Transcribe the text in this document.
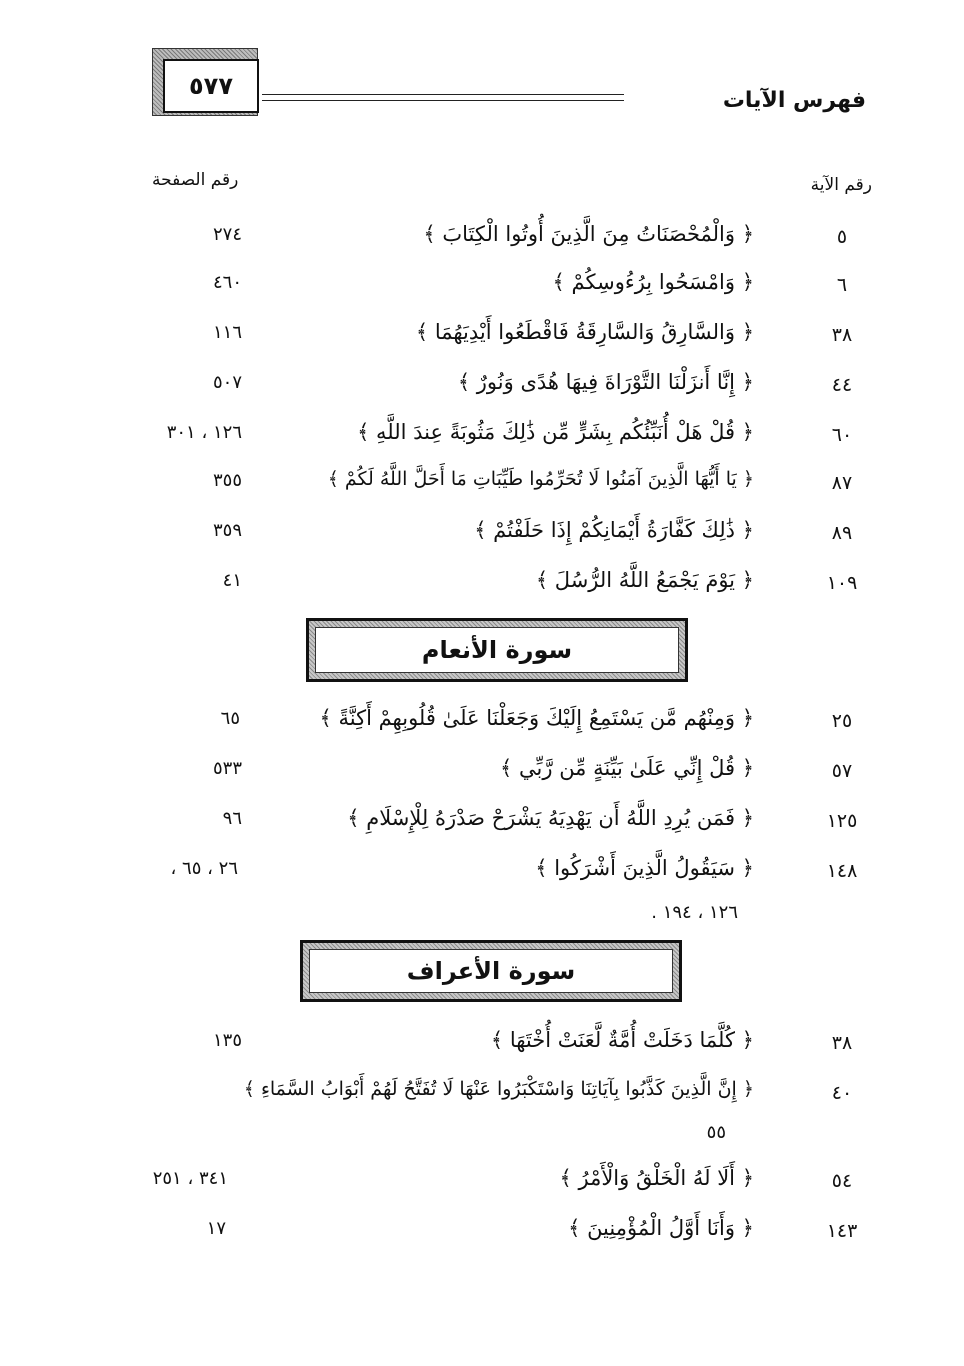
٥٧٧
فهرس الآيات
رقم الآية
رقم الصفحة
٥
﴿ وَالْمُحْصَنَاتُ مِنَ الَّذِينَ أُوتُوا الْكِتَابَ ﴾
٢٧٤
٦
﴿ وَامْسَحُوا بِرُءُوسِكُمْ ﴾
٤٦٠
٣٨
﴿ وَالسَّارِقُ وَالسَّارِقَةُ فَاقْطَعُوا أَيْدِيَهُمَا ﴾
١١٦
٤٤
﴿ إِنَّا أَنزَلْنَا التَّوْرَاةَ فِيهَا هُدًى وَنُورٌ ﴾
٥٠٧
٦٠
﴿ قُلْ هَلْ أُنَبِّئُكُم بِشَرٍّ مِّن ذَٰلِكَ مَثُوبَةً عِندَ اللَّهِ ﴾
١٢٦ ، ٣٠١
٨٧
﴿ يَا أَيُّهَا الَّذِينَ آمَنُوا لَا تُحَرِّمُوا طَيِّبَاتِ مَا أَحَلَّ اللَّهُ لَكُمْ ﴾
٣٥٥
٨٩
﴿ ذَٰلِكَ كَفَّارَةُ أَيْمَانِكُمْ إِذَا حَلَفْتُمْ ﴾
٣٥٩
١٠٩
﴿ يَوْمَ يَجْمَعُ اللَّهُ الرُّسُلَ ﴾
٤١
سورة الأنعام
٢٥
﴿ وَمِنْهُم مَّن يَسْتَمِعُ إِلَيْكَ وَجَعَلْنَا عَلَىٰ قُلُوبِهِمْ أَكِنَّةً ﴾
٦٥
٥٧
﴿ قُلْ إِنِّي عَلَىٰ بَيِّنَةٍ مِّن رَّبِّي ﴾
٥٣٣
١٢٥
﴿ فَمَن يُرِدِ اللَّهُ أَن يَهْدِيَهُ يَشْرَحْ صَدْرَهُ لِلْإِسْلَامِ ﴾
٩٦
١٤٨
﴿ سَيَقُولُ الَّذِينَ أَشْرَكُوا ﴾
٢٦ ، ٦٥ ،
١٢٦ ، ١٩٤ .
سورة الأعراف
٣٨
﴿ كُلَّمَا دَخَلَتْ أُمَّةٌ لَّعَنَتْ أُخْتَهَا ﴾
١٣٥
٤٠
﴿ إِنَّ الَّذِينَ كَذَّبُوا بِآيَاتِنَا وَاسْتَكْبَرُوا عَنْهَا لَا تُفَتَّحُ لَهُمْ أَبْوَابُ السَّمَاءِ ﴾
٥٥
٥٤
﴿ أَلَا لَهُ الْخَلْقُ وَالْأَمْرُ ﴾
٣٤١ ، ٢٥١
١٤٣
﴿ وَأَنَا أَوَّلُ الْمُؤْمِنِينَ ﴾
١٧
